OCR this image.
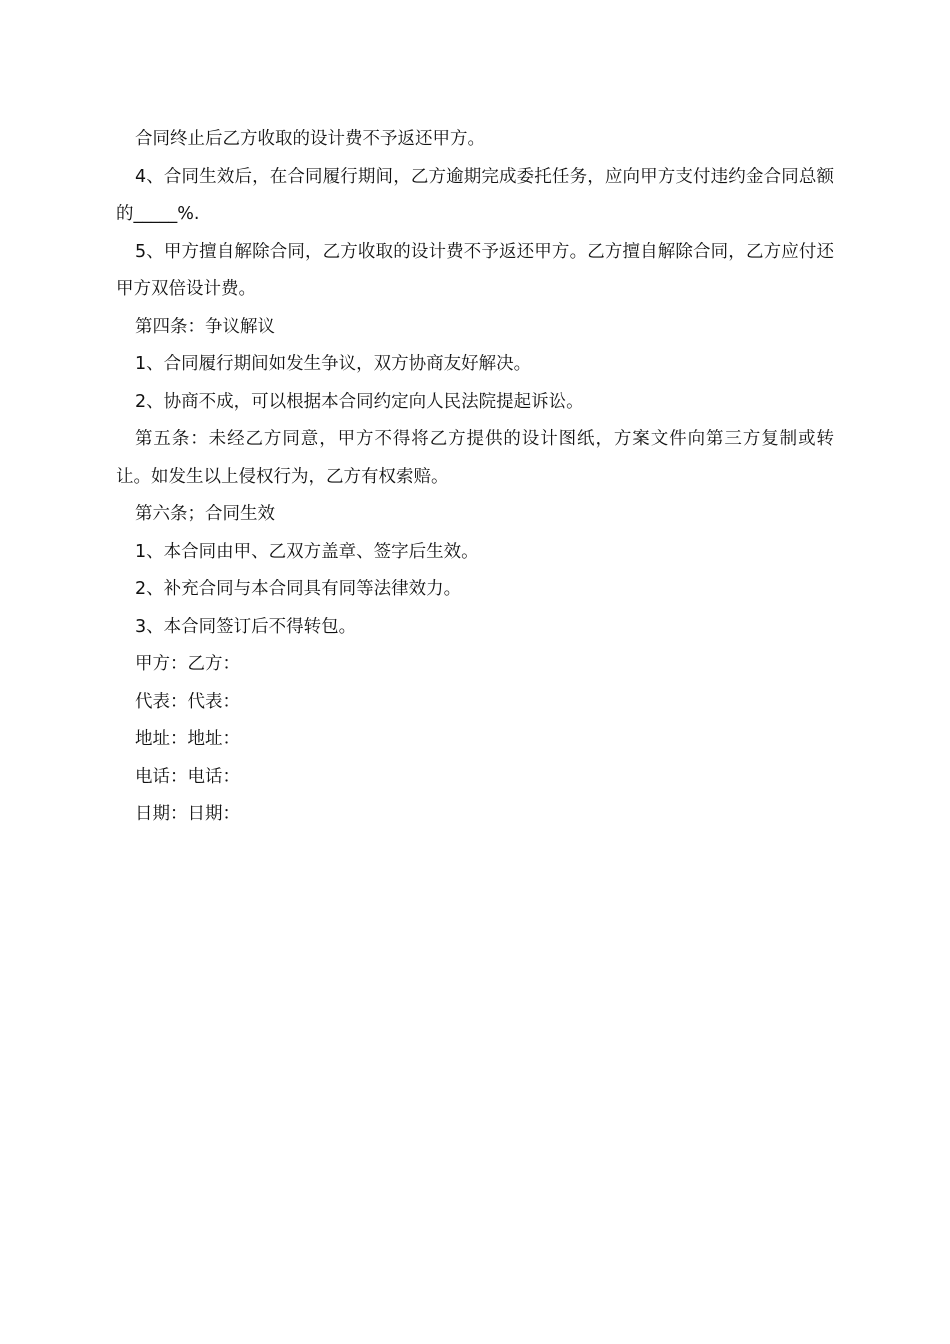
合同终止后乙方收取的设计费不予返还甲方。

4、合同生效后，在合同履行期间，乙方逾期完成委托任务，应向甲方支付违约金合同总额的_____%.

5、甲方擅自解除合同，乙方收取的设计费不予返还甲方。乙方擅自解除合同，乙方应付还甲方双倍设计费。

第四条：争议解议

1、合同履行期间如发生争议，双方协商友好解决。

2、协商不成，可以根据本合同约定向人民法院提起诉讼。

第五条：未经乙方同意，甲方不得将乙方提供的设计图纸，方案文件向第三方复制或转让。如发生以上侵权行为，乙方有权索赔。

第六条；合同生效

1、本合同由甲、乙双方盖章、签字后生效。

2、补充合同与本合同具有同等法律效力。

3、本合同签订后不得转包。

甲方：乙方：

代表：代表：

地址：地址：

电话：电话：

日期：日期：
